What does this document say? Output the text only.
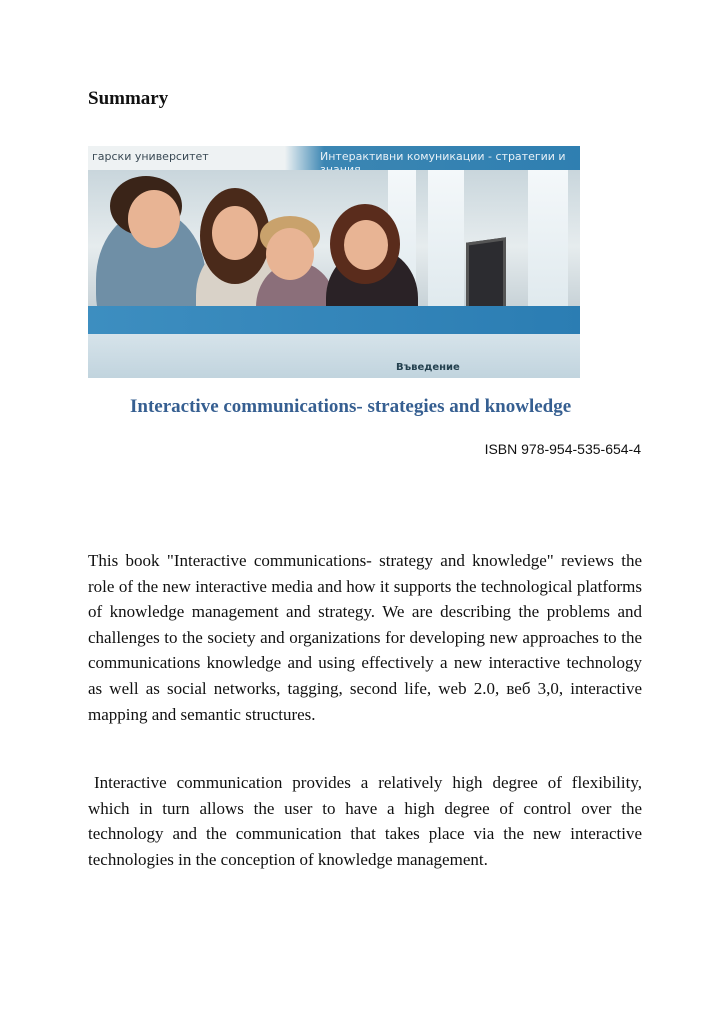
Summary
гарски университет	Интерактивни комуникации - стратегии и
Въведение
Interactive communications- strategies and knowledge
ISBN 978-954-535-654-4

This book "Interactive communications- strategy and knowledge" reviews the role of the new interactive media and how it supports the technological platforms of knowledge management and strategy. We are describing the problems and challenges to the society and organizations for developing new approaches to the communications knowledge and using effectively a new interactive technology as well as social networks, tagging, second life, web 2.0, веб 3,0, interactive mapping and semantic structures.

Interactive communication provides a relatively high degree of flexibility, which in turn allows the user to have a high degree of control over the technology and the communication that takes place via the new interactive technologies in the conception of knowledge management.
